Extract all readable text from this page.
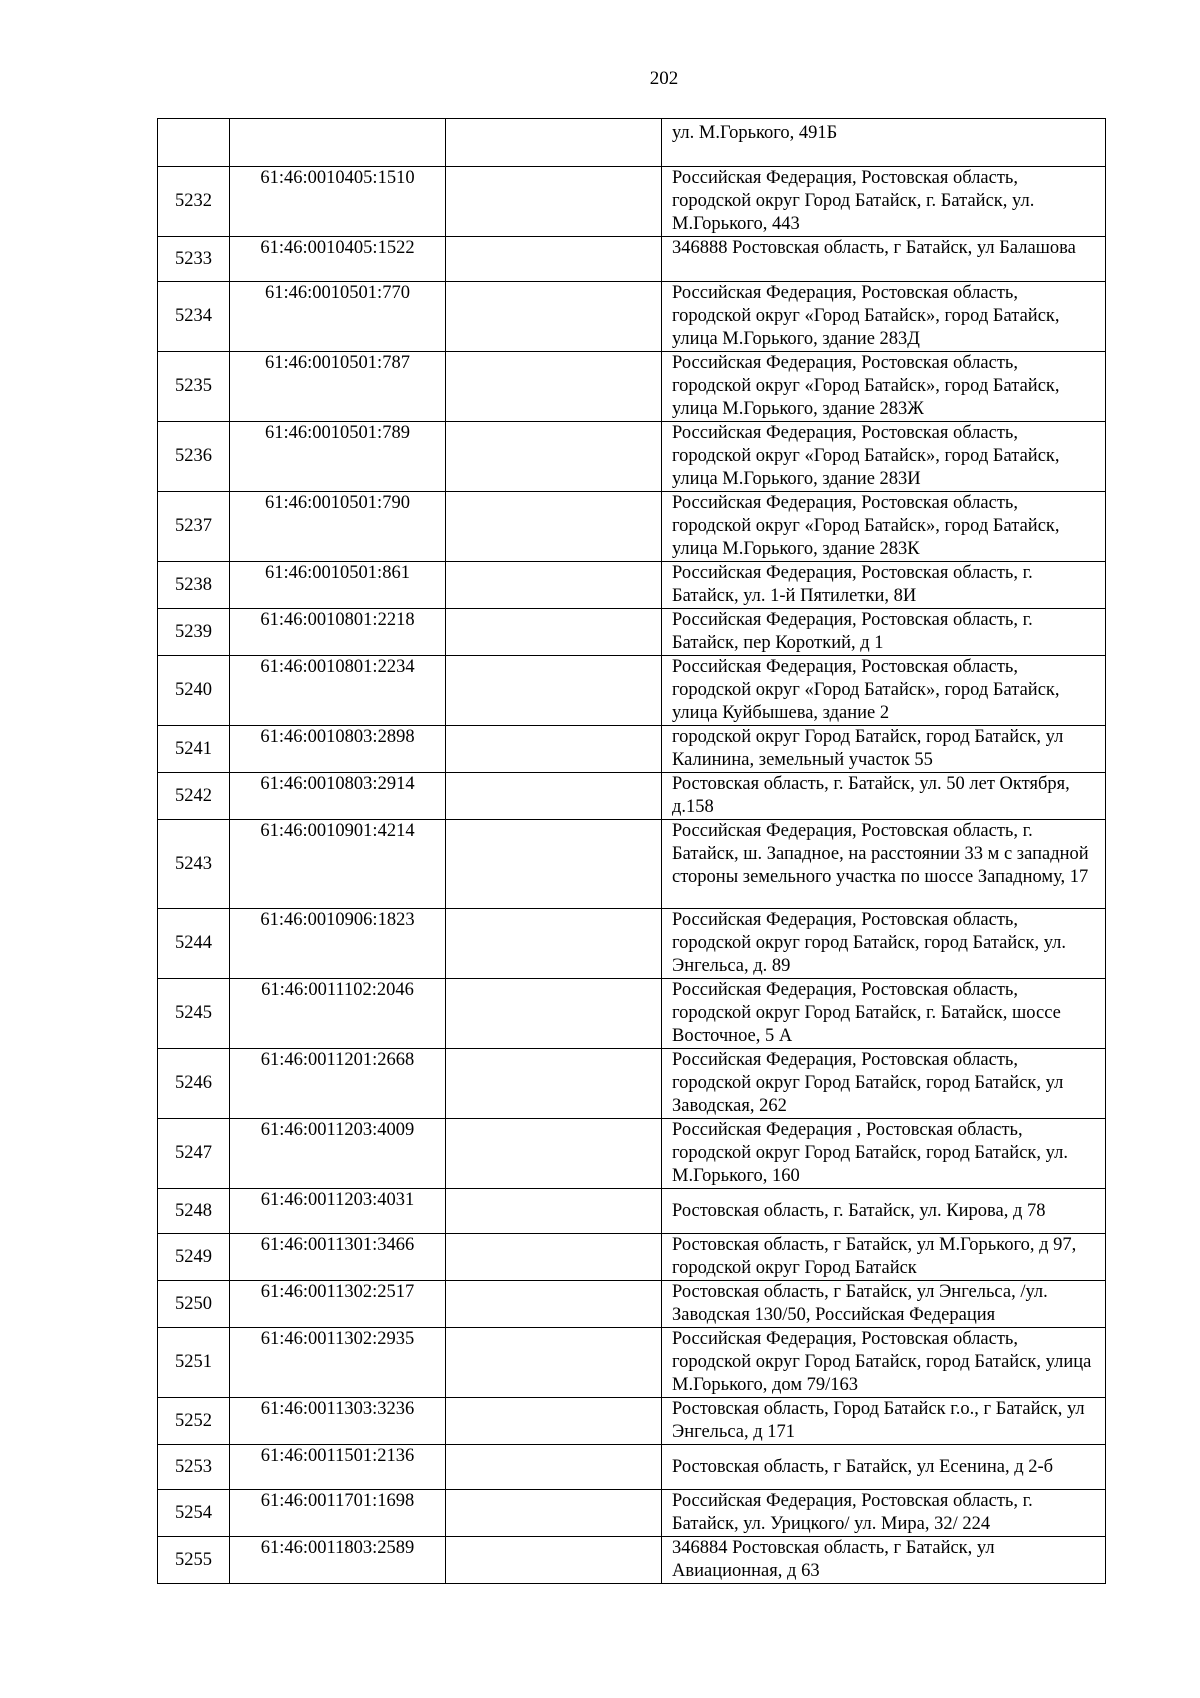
202
			ул. М.Горького, 491Б
5232	61:46:0010405:1510		Российская Федерация, Ростовская область, городской округ Город Батайск, г. Батайск, ул. М.Горького, 443
5233	61:46:0010405:1522		346888 Ростовская область, г Батайск, ул Балашова
5234	61:46:0010501:770		Российская Федерация, Ростовская область, городской округ «Город Батайск», город Батайск, улица М.Горького, здание 283Д
5235	61:46:0010501:787		Российская Федерация, Ростовская область, городской округ «Город Батайск», город Батайск, улица М.Горького, здание 283Ж
5236	61:46:0010501:789		Российская Федерация, Ростовская область, городской округ «Город Батайск», город Батайск, улица М.Горького, здание 283И
5237	61:46:0010501:790		Российская Федерация, Ростовская область, городской округ «Город Батайск», город Батайск, улица М.Горького, здание 283К
5238	61:46:0010501:861		Российская Федерация, Ростовская область, г. Батайск, ул. 1-й Пятилетки, 8И
5239	61:46:0010801:2218		Российская Федерация, Ростовская область, г. Батайск, пер Короткий, д 1
5240	61:46:0010801:2234		Российская Федерация, Ростовская область, городской округ «Город Батайск», город Батайск, улица Куйбышева, здание 2
5241	61:46:0010803:2898		городской округ Город Батайск, город Батайск, ул Калинина, земельный участок 55
5242	61:46:0010803:2914		Ростовская область, г. Батайск, ул. 50 лет Октября, д.158
5243	61:46:0010901:4214		Российская Федерация, Ростовская область, г. Батайск, ш. Западное, на расстоянии 33 м с западной стороны земельного участка по шоссе Западному, 17
5244	61:46:0010906:1823		Российская Федерация, Ростовская область, городской округ город Батайск, город Батайск, ул. Энгельса, д. 89
5245	61:46:0011102:2046		Российская Федерация, Ростовская область, городской округ Город Батайск, г. Батайск, шоссе Восточное, 5 А
5246	61:46:0011201:2668		Российская Федерация, Ростовская область, городской округ Город Батайск, город Батайск, ул Заводская, 262
5247	61:46:0011203:4009		Российская Федерация , Ростовская область, городской округ Город Батайск, город Батайск, ул. М.Горького, 160
5248	61:46:0011203:4031		Ростовская область, г. Батайск, ул. Кирова, д 78
5249	61:46:0011301:3466		Ростовская область, г Батайск, ул М.Горького, д 97, городской округ Город Батайск
5250	61:46:0011302:2517		Ростовская область, г Батайск, ул Энгельса, /ул. Заводская 130/50, Российская Федерация
5251	61:46:0011302:2935		Российская Федерация, Ростовская область, городской округ Город Батайск, город Батайск, улица М.Горького, дом 79/163
5252	61:46:0011303:3236		Ростовская область, Город Батайск г.о., г Батайск, ул Энгельса, д 171
5253	61:46:0011501:2136		Ростовская область, г Батайск, ул Есенина, д 2-б
5254	61:46:0011701:1698		Российская Федерация, Ростовская область, г. Батайск, ул. Урицкого/ ул. Мира, 32/ 224
5255	61:46:0011803:2589		346884 Ростовская область, г Батайск, ул Авиационная, д 63
